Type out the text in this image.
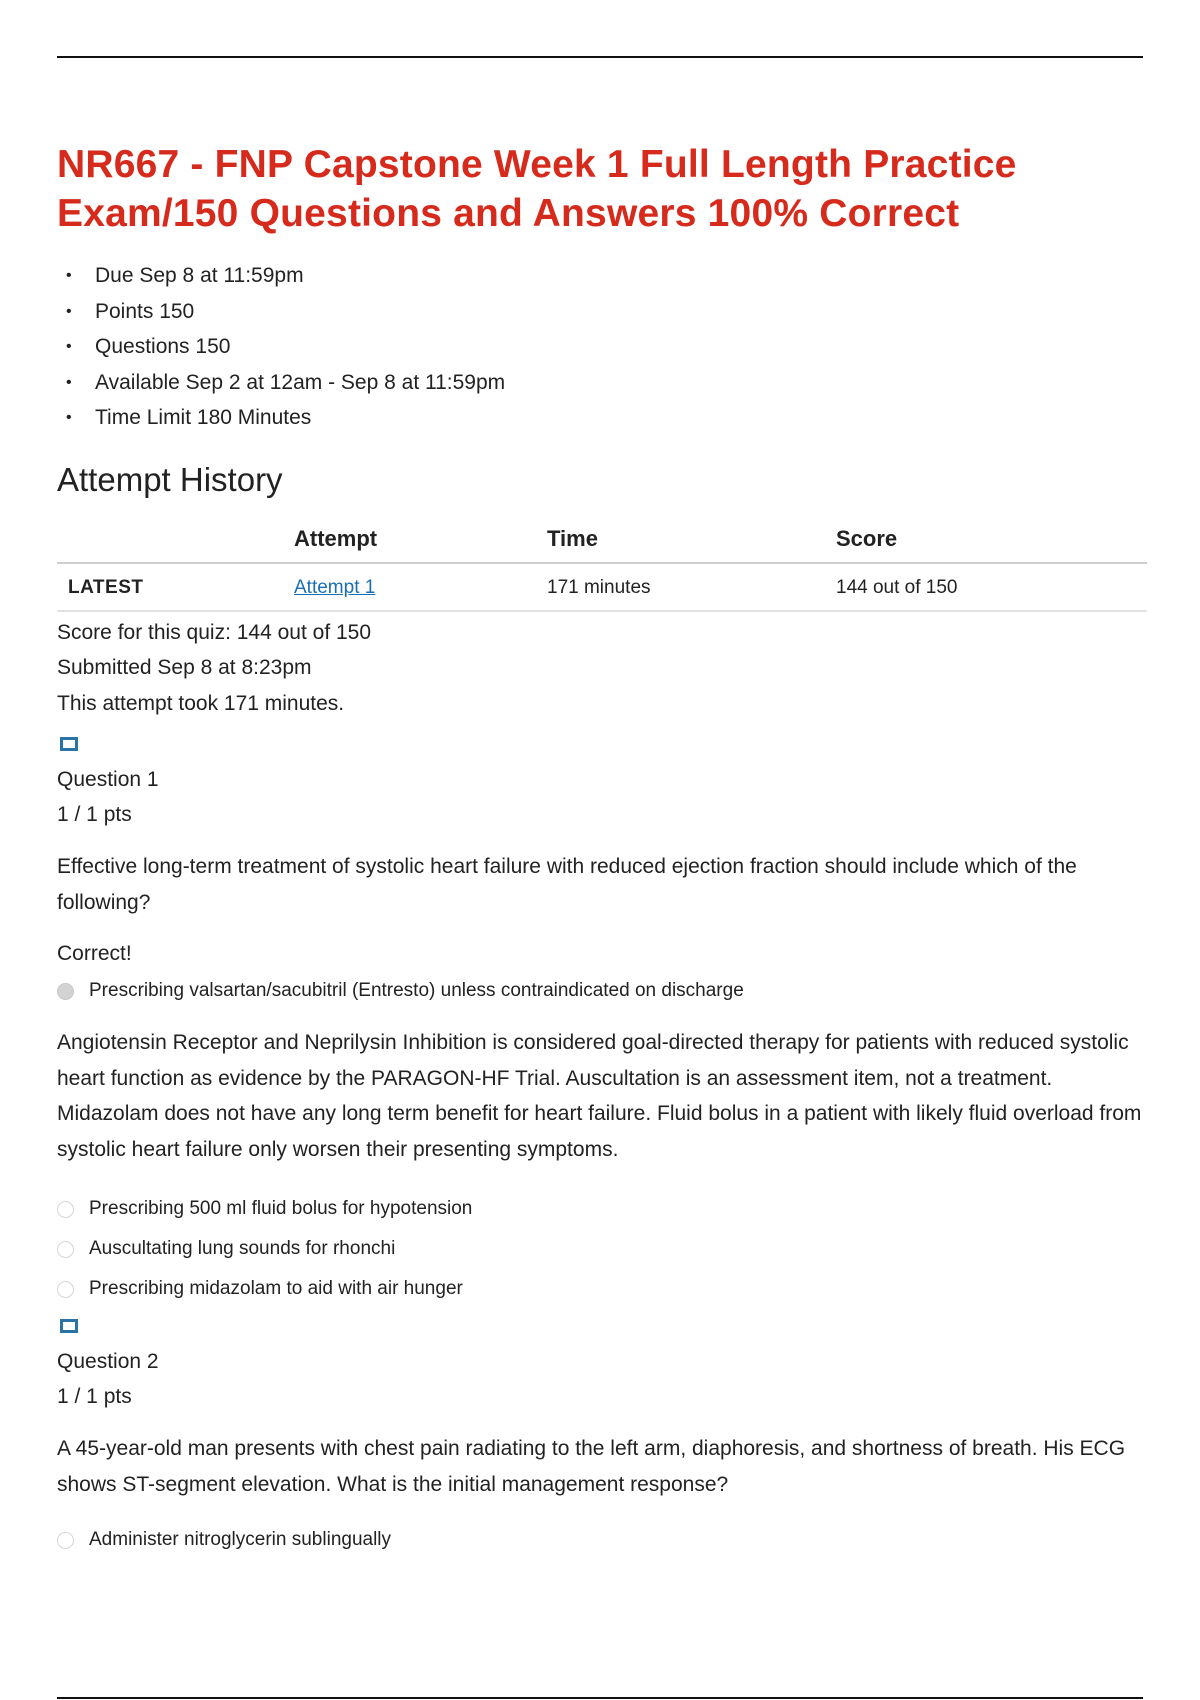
NR667 - FNP Capstone Week 1 Full Length Practice Exam/150 Questions and Answers 100% Correct
• Due Sep 8 at 11:59pm
• Points 150
• Questions 150
• Available Sep 2 at 12am - Sep 8 at 11:59pm
• Time Limit 180 Minutes
Attempt History
	Attempt	Time	Score
LATEST	Attempt 1	171 minutes	144 out of 150
Score for this quiz: 144 out of 150
Submitted Sep 8 at 8:23pm
This attempt took 171 minutes.
Question 1
1 / 1 pts
Effective long-term treatment of systolic heart failure with reduced ejection fraction should include which of the following?
Correct!
Prescribing valsartan/sacubitril (Entresto) unless contraindicated on discharge
Angiotensin Receptor and Neprilysin Inhibition is considered goal-directed therapy for patients with reduced systolic heart function as evidence by the PARAGON-HF Trial. Auscultation is an assessment item, not a treatment. Midazolam does not have any long term benefit for heart failure. Fluid bolus in a patient with likely fluid overload from systolic heart failure only worsen their presenting symptoms.
Prescribing 500 ml fluid bolus for hypotension
Auscultating lung sounds for rhonchi
Prescribing midazolam to aid with air hunger
Question 2
1 / 1 pts
A 45-year-old man presents with chest pain radiating to the left arm, diaphoresis, and shortness of breath. His ECG shows ST-segment elevation. What is the initial management response?
Administer nitroglycerin sublingually
